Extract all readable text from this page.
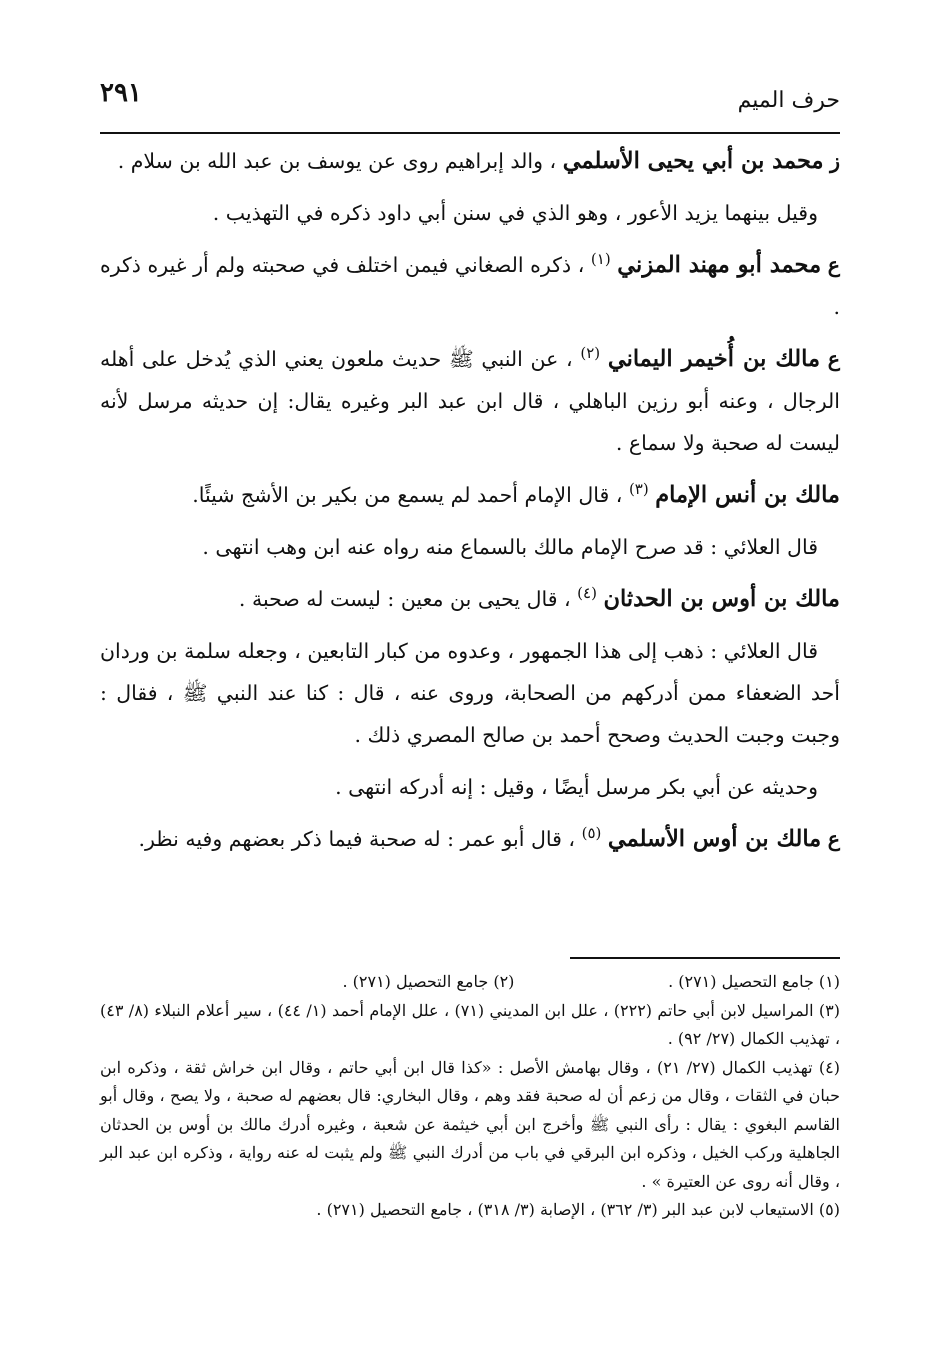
حرف الميم
٢٩١

ز محمد بن أبي يحيى الأسلمي ، والد إبراهيم روى عن يوسف بن عبد الله بن سلام .

وقيل بينهما يزيد الأعور ، وهو الذي في سنن أبي داود ذكره في التهذيب .

ع محمد أبو مهند المزني $^{(١)}$ ، ذكره الصغاني فيمن اختلف في صحبته ولم أر غيره ذكره .

ع مالك بن أُخيمر اليماني $^{(٢)}$ ، عن النبي ﷺ حديث ملعون يعني الذي يُدخل على أهله الرجال ، وعنه أبو رزين الباهلي ، قال ابن عبد البر وغيره يقال: إن حديثه مرسل لأنه ليست له صحبة ولا سماع .

مالك بن أنس الإمام $^{(٣)}$ ، قال الإمام أحمد لم يسمع من بكير بن الأشج شيئًا.

قال العلائي : قد صرح الإمام مالك بالسماع منه رواه عنه ابن وهب انتهى .

مالك بن أوس بن الحدثان $^{(٤)}$ ، قال يحيى بن معين : ليست له صحبة .

قال العلائي : ذهب إلى هذا الجمهور ، وعدوه من كبار التابعين ، وجعله سلمة بن وردان أحد الضعفاء ممن أدركهم من الصحابة، وروى عنه ، قال : كنا عند النبي ﷺ ، فقال : وجبت وجبت الحديث وصحح أحمد بن صالح المصري ذلك .

وحديثه عن أبي بكر مرسل أيضًا ، وقيل : إنه أدركه انتهى .

ع مالك بن أوس الأسلمي $^{(٥)}$ ، قال أبو عمر : له صحبة فيما ذكر بعضهم وفيه نظر.

(١) جامع التحصيل (٢٧١) .
(٢) جامع التحصيل (٢٧١) .

(٣) المراسيل لابن أبي حاتم (٢٢٢) ، علل ابن المديني (٧١) ، علل الإمام أحمد (١/ ٤٤) ، سير أعلام النبلاء (٨/ ٤٣) ، تهذيب الكمال (٢٧/ ٩٢) .

(٤) تهذيب الكمال (٢٧/ ٢١) ، وقال بهامش الأصل : «كذا قال ابن أبي حاتم ، وقال ابن خراش ثقة ، وذكره ابن حبان في الثقات ، وقال من زعم أن له صحبة فقد وهم ، وقال البخاري: قال بعضهم له صحبة ، ولا يصح ، وقال أبو القاسم البغوي : يقال : رأى النبي ﷺ وأخرج ابن أبي خيثمة عن شعبة ، وغيره أدرك مالك بن أوس بن الحدثان الجاهلية وركب الخيل ، وذكره ابن البرقي في باب من أدرك النبي ﷺ ولم يثبت له عنه رواية ، وذكره ابن عبد البر ، وقال أنه روى عن العتيرة » .

(٥) الاستيعاب لابن عبد البر (٣/ ٣٦٢) ، الإصابة (٣/ ٣١٨) ، جامع التحصيل (٢٧١) .
